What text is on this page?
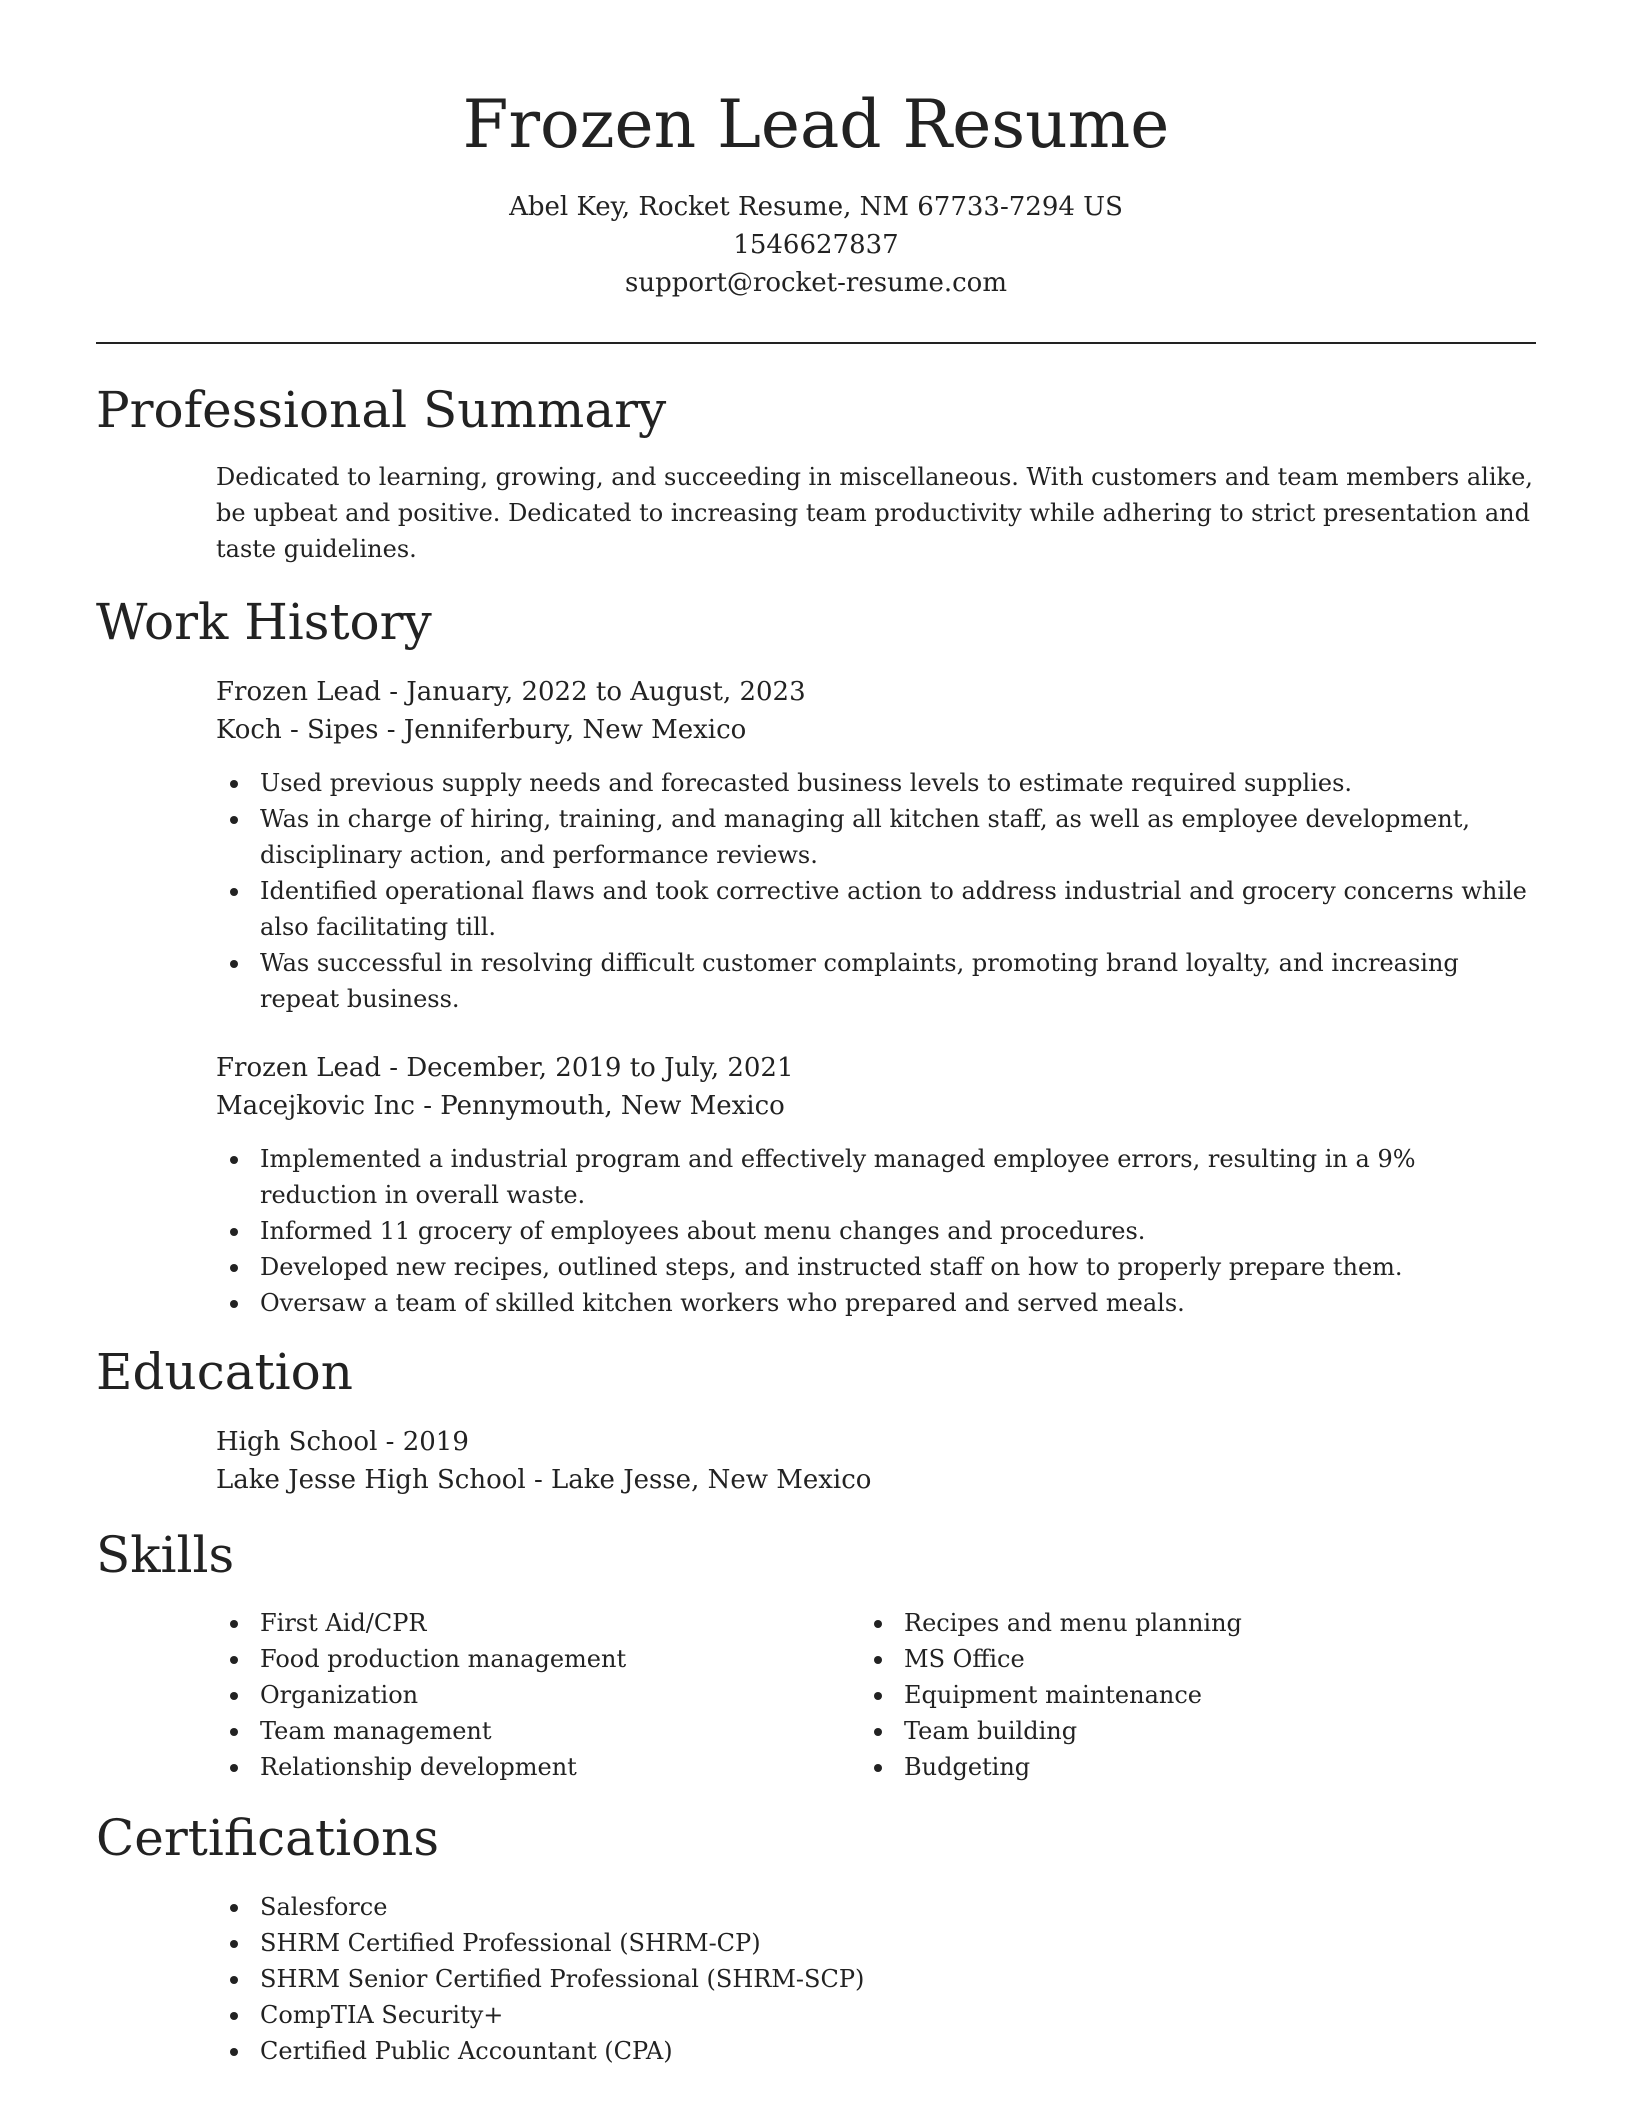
Frozen Lead Resume
Abel Key, Rocket Resume, NM 67733-7294 US
1546627837
support@rocket-resume.com
Professional Summary

Dedicated to learning, growing, and succeeding in miscellaneous. With customers and team members alike, be upbeat and positive. Dedicated to increasing team productivity while adhering to strict presentation and taste guidelines.

Work History
Frozen Lead - January, 2022 to August, 2023
Koch - Sipes - Jenniferbury, New Mexico
Used previous supply needs and forecasted business levels to estimate required supplies.
Was in charge of hiring, training, and managing all kitchen staff, as well as employee development, disciplinary action, and performance reviews.
Identified operational flaws and took corrective action to address industrial and grocery concerns while also facilitating till.
Was successful in resolving difficult customer complaints, promoting brand loyalty, and increasing repeat business.
Frozen Lead - December, 2019 to July, 2021
Macejkovic Inc - Pennymouth, New Mexico
Implemented a industrial program and effectively managed employee errors, resulting in a 9% reduction in overall waste.
Informed 11 grocery of employees about menu changes and procedures.
Developed new recipes, outlined steps, and instructed staff on how to properly prepare them.
Oversaw a team of skilled kitchen workers who prepared and served meals.
Education
High School - 2019
Lake Jesse High School - Lake Jesse, New Mexico
Skills
First Aid/CPR
Food production management
Organization
Team management
Relationship development
Recipes and menu planning
MS Office
Equipment maintenance
Team building
Budgeting
Certifications
Salesforce
SHRM Certified Professional (SHRM-CP)
SHRM Senior Certified Professional (SHRM-SCP)
CompTIA Security+
Certified Public Accountant (CPA)
